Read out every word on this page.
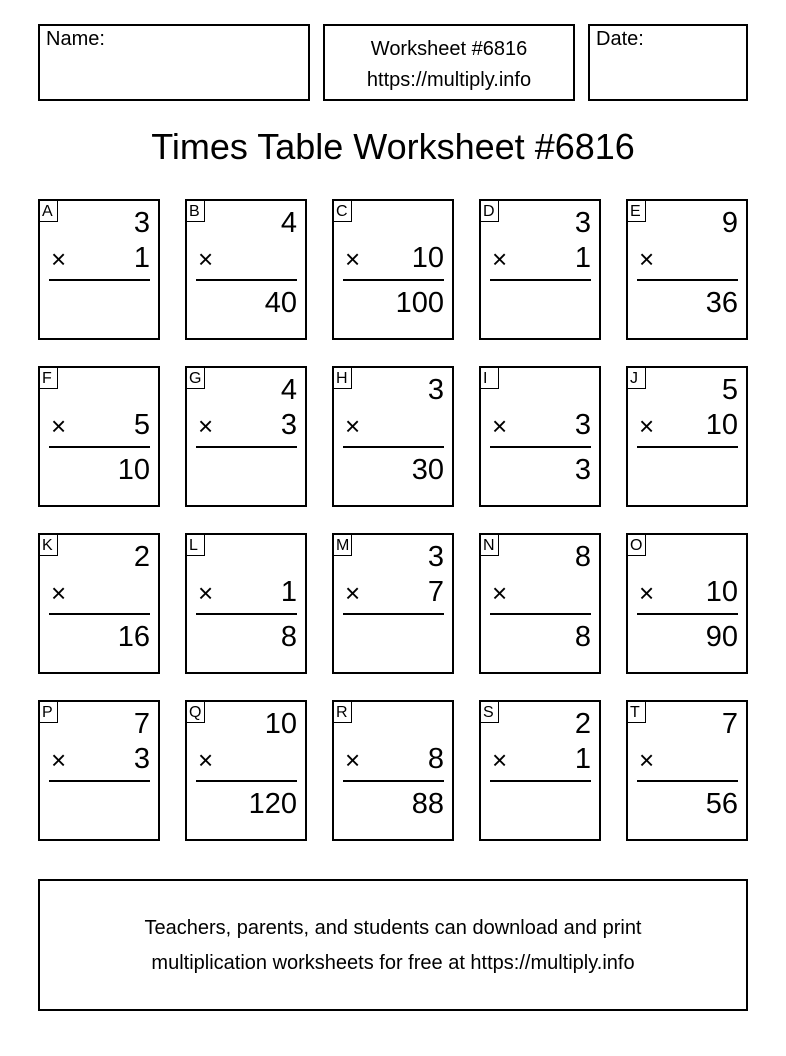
Name:	Worksheet #6816
https://multiply.info
Date:
Times Table Worksheet #6816
A	3
× 1
B	4
×
40
C
× 10
100
D	3
× 1
E	9
×
36
F
× 5
10
G	4
× 3
H	3
×
30
I
× 3
3
J	5
× 10
K	2
×
16
L
× 1
8
M	3
× 7
N	8
×
8
O
× 10
90
P	7
× 3
Q 10
×
120
R
× 8
88
S	2
× 1
T	7
×
56
Teachers, parents, and students can download and print
multiplication worksheets for free at https://multiply.info
